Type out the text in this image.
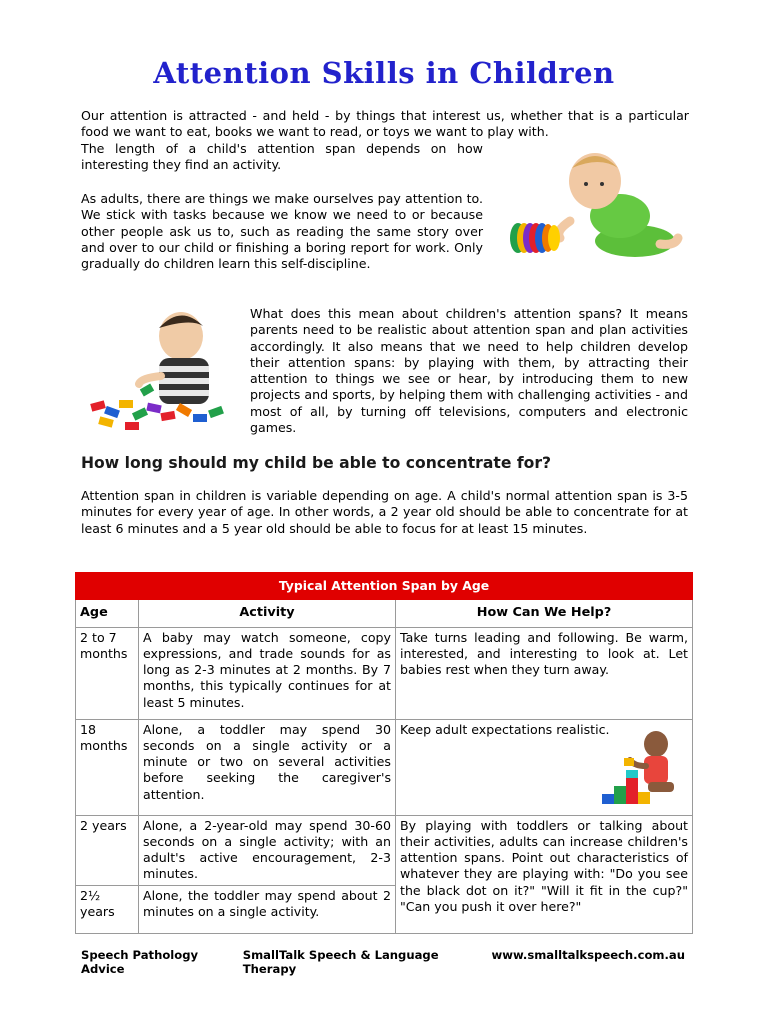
Attention Skills in Children

Our attention is attracted - and held - by things that interest us, whether that is a particular food we want to eat, books we want to read, or toys we want to play with.

The length of a child's attention span depends on how interesting they find an activity.

As adults, there are things we make ourselves pay attention to. We stick with tasks because we know we need to or because other people ask us to, such as reading the same story over and over to our child or finishing a boring report for work. Only gradually do children learn this self-discipline.

What does this mean about children's attention spans? It means parents need to be realistic about attention span and plan activities accordingly. It also means that we need to help children develop their attention spans: by playing with them, by attracting their attention to things we see or hear, by introducing them to new projects and sports, by helping them with challenging activities - and most of all, by turning off televisions, computers and electronic games.

How long should my child be able to concentrate for?

Attention span in children is variable depending on age. A child's normal attention span is 3-5 minutes for every year of age. In other words, a 2 year old should be able to concentrate for at least 6 minutes and a 5 year old should be able to focus for at least 15 minutes.

Typical Attention Span by Age		
Age	Activity	How Can We Help?
2 to 7 months	A baby may watch someone, copy expressions, and trade sounds for as long as 2-3 minutes at 2 months. By 7 months, this typically continues for at least 5 minutes.	Take turns leading and following. Be warm, interested, and interesting to look at. Let babies rest when they turn away.
18 months	Alone, a toddler may spend 30 seconds on a single activity or a minute or two on several activities before seeking the caregiver's attention.	Keep adult expectations realistic.

2 years	Alone, a 2-year-old may spend 30-60 seconds on a single activity; with an adult's active encouragement, 2-3 minutes.	By playing with toddlers or talking about their activities, adults can increase children's attention spans. Point out characteristics of whatever they are playing with: "Do you see the black dot on it?" "Will it fit in the cup?" "Can you push it over here?"
2½ years	Alone, the toddler may spend about 2 minutes on a single activity.	
Speech Pathology Advice
SmallTalk Speech & Language Therapy
www.smalltalkspeech.com.au
